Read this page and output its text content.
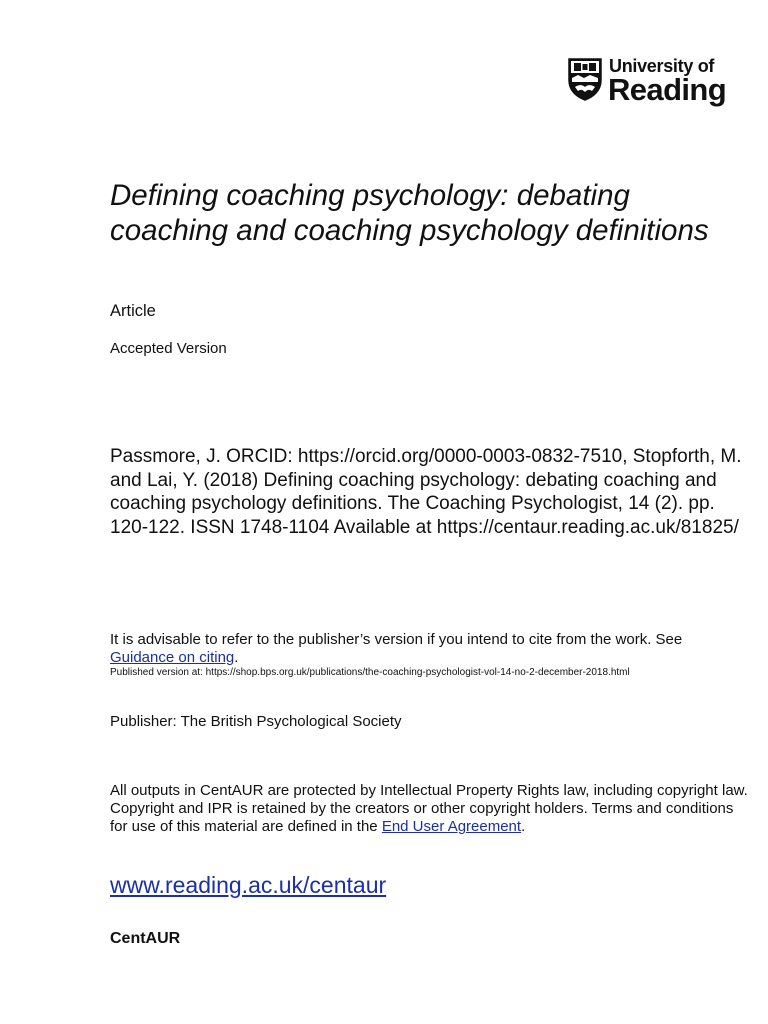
University of
Reading
Defining coaching psychology: debating coaching and coaching psychology definitions
Article
Accepted Version

Passmore, J. ORCID: https://orcid.org/0000-0003-0832-7510, Stopforth, M. and Lai, Y. (2018) Defining coaching psychology: debating coaching and coaching psychology definitions. The Coaching Psychologist, 14 (2). pp. 120-122. ISSN 1748-1104 Available at https://centaur.reading.ac.uk/81825/

It is advisable to refer to the publisher’s version if you intend to cite from the work. See Guidance on citing.

Published version at: https://shop.bps.org.uk/publications/the-coaching-psychologist-vol-14-no-2-december-2018.html
Publisher: The British Psychological Society

All outputs in CentAUR are protected by Intellectual Property Rights law, including copyright law. Copyright and IPR is retained by the creators or other copyright holders. Terms and conditions for use of this material are defined in the End User Agreement.

www.reading.ac.uk/centaur
CentAUR
